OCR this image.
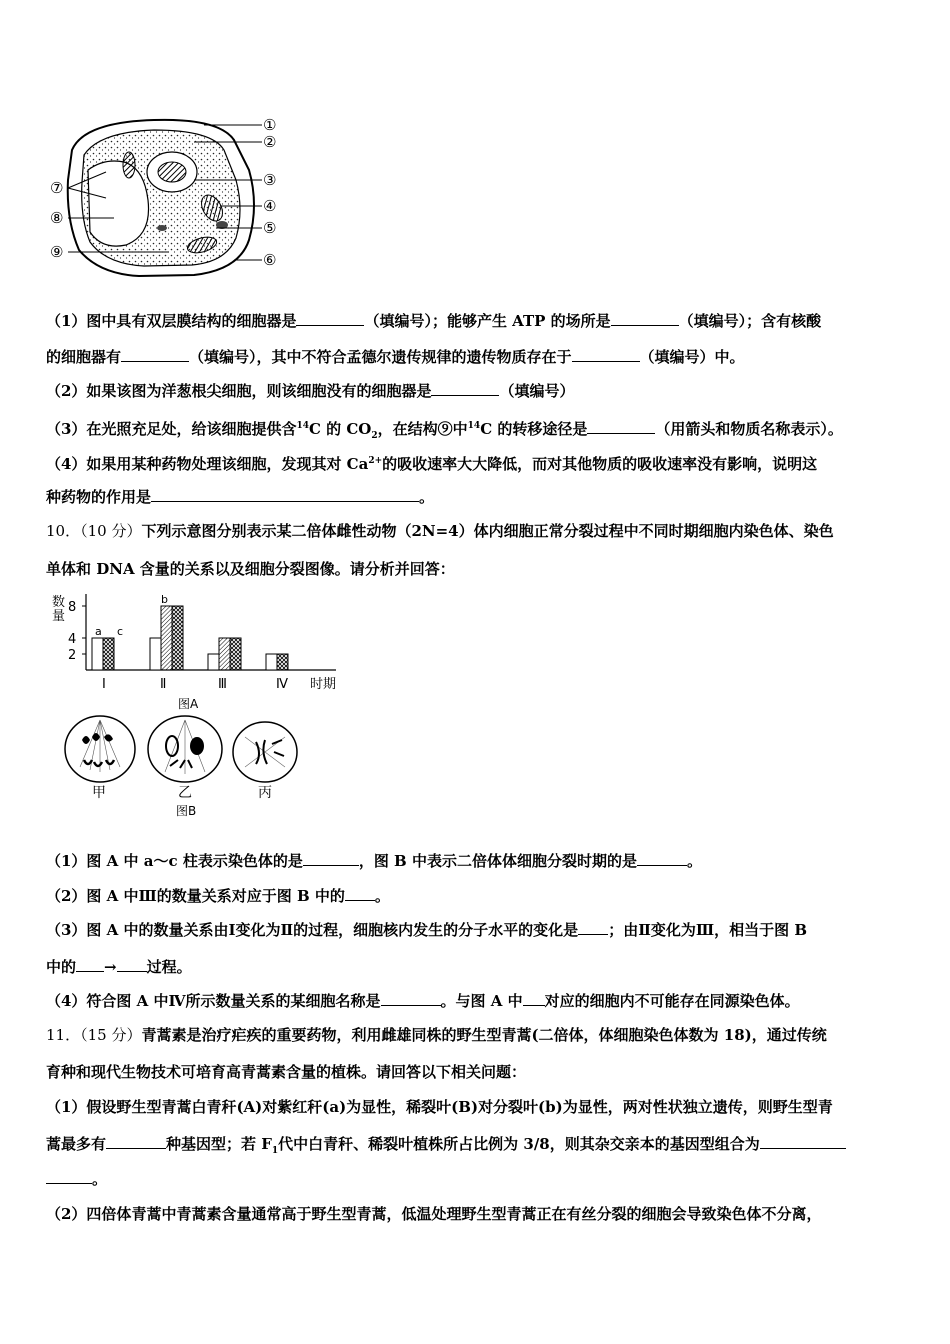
①
②
③
④
⑤
⑥
⑦
⑧
⑨
（1）图中具有双层膜结构的细胞器是	（填编号）；能够产生 ATP 的场所是	（填编号）；含有核酸
的细胞器有	（填编号），其中不符合孟德尔遗传规律的遗传物质存在于	（填编号）中。
（2）如果该图为洋葱根尖细胞，则该细胞没有的细胞器是	（填编号）
（3）在光照充足处，给该细胞提供含$^{14}$C 的 $CO_2$，在结构⑨中$^{14}$C 的转移途径是	（用箭头和物质名称表示）。
（4）如果用某种药物处理该细胞，发现其对 $Ca^{2+}$的吸收速率大大降低，而对其他物质的吸收速率没有影响，说明这
种药物的作用是	。
10．（10 分）下列示意图分别表示某二倍体雌性动物（2N=4）体内细胞正常分裂过程中不同时期细胞内染色体、染色
单体和 DNA 含量的关系以及细胞分裂图像。请分析并回答：
数
量
2
4
8
Ⅰ	Ⅱ	Ⅲ	Ⅳ
a c
b
时期
图A
甲	乙	丙
图B
（1）图 A 中 a～c 柱表示染色体的是	，图 B 中表示二倍体体细胞分裂时期的是	。
（2）图 A 中Ⅲ的数量关系对应于图 B 中的 。
（3）图 A 中的数量关系由Ⅰ变化为Ⅱ的过程，细胞核内发生的分子水平的变化是 ；由Ⅱ变化为Ⅲ，相当于图 B
中的 → 过程。
（4）符合图 A 中Ⅳ所示数量关系的某细胞名称是	。与图 A 中 对应的细胞内不可能存在同源染色体。
11．（15 分）青蒿素是治疗疟疾的重要药物，利用雌雄同株的野生型青蒿(二倍体，体细胞染色体数为 18)，通过传统
育种和现代生物技术可培育高青蒿素含量的植株。请回答以下相关问题：
（1）假设野生型青蒿白青秆(A)对紫红秆(a)为显性，稀裂叶(B)对分裂叶(b)为显性，两对性状独立遗传，则野生型青
蒿最多有	种基因型；若 $F_1$代中白青秆、稀裂叶植株所占比例为 3/8，则其杂交亲本的基因型组合为
。
（2）四倍体青蒿中青蒿素含量通常高于野生型青蒿，低温处理野生型青蒿正在有丝分裂的细胞会导致染色体不分离，
